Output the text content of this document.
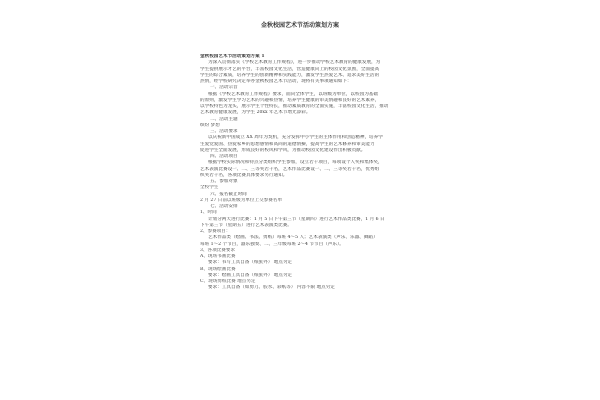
金秋校园艺术节活动策划方案

金秋校园艺术节活动策划方案 1

为深入贯彻落实《学校艺术教育工作规程》，进一步推动学校艺术教育的健康发展，为

学生提供展示才艺的平台，丰富校园文化生活，营造健康向上的校园文化氛围，全面提高

学生的综合素质，培养学生的创新精神和实践能力，激发学生热爱艺术、追求美好生活的

热情，经学校研究决定举办金秋校园艺术节活动，现将有关事项通知如下：

一、活动宗旨

根据《学校艺术教育工作规程》要求，面向全体学生，以班级为单位，以校园为基础

的原则，激发学生学习艺术的兴趣和热情，培养学生健康的审美情趣和良好的艺术素养，

以学校特色为龙头，展示学生个性特长，推动素质教育的全面实施，丰富校园文化生活，推动

艺术教育健康发展，为学生 20xx 年艺术节增光添彩。

二、活动主题

缤纷 梦想

三、活动要求

以庆祝新中国成立 XX 周年为契机，充分发挥中小学生的主体作用和创造精神，培养学

生爱党爱国、热爱家乡的思想感情和高尚的道德情操，提高学生的艺术修养和审美能力

促进学生全面发展，形成良好的校风和学风，为推动校园文化建设作出积极贡献。

四、活动项目

根据学校实际情况和特点分类组织学生参加，设立若干项目，每项设个人奖和集体奖，

艺术表演比赛设一、二、三等奖若干名，艺术作品比赛设一、二、三等奖若干名，优秀组

织奖若干名，各项比赛具体要求另行通知。

五、参加对象

全校学生

六、报名截止时间

2 月 27 日前以班级为单位上交参赛名单

七、活动安排

1、时间

计划分两天进行比赛：1 月 5 日下午第三节（星期四）进行艺术作品类比赛，1 月 6 日

下午第三节（星期五）进行艺术表演类比赛。

2、参赛项目：

艺术作品类（绘画、书法、剪纸）每班 4～5 人；艺术表演类（声乐、乐器、舞蹈）

每班 1～2 个节目，器乐独奏、二、三年级每班 2～4 节节目（声乐）。

3、各项比赛要求

A、现场书画比赛

要求：书写工具自备（纸张外） 地点另定

B、现场绘画比赛

要求：绘画工具自备（纸张外） 地点另定

C、现场剪纸比赛 地点另定

要求：工具自备（如剪刀、胶水、彩纸等） 内容不限 地点另定
